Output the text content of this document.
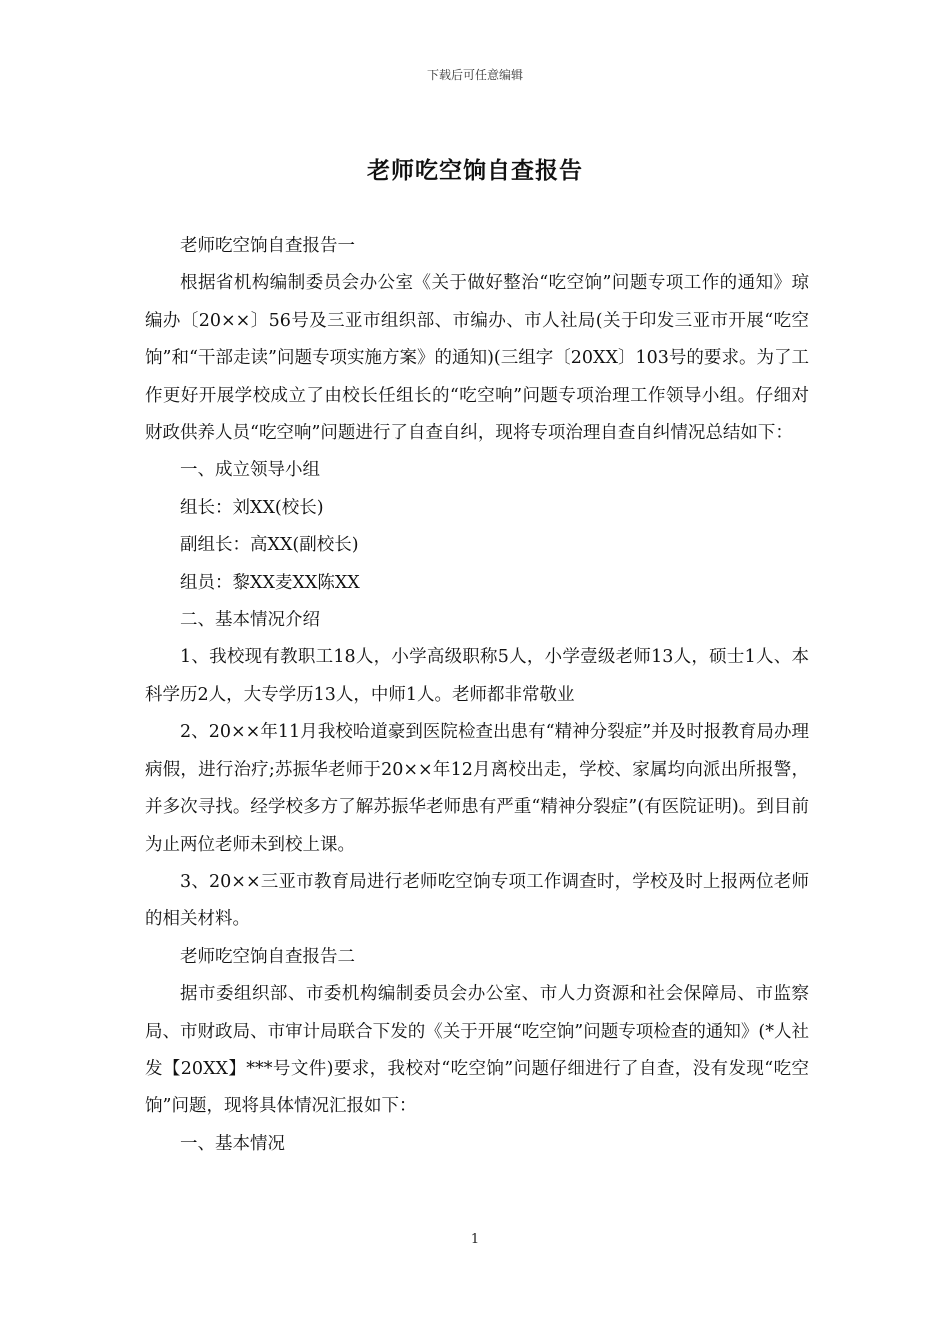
下载后可任意编辑
老师吃空饷自查报告

老师吃空饷自查报告一

根据省机构编制委员会办公室《关于做好整治“吃空饷”问题专项工作的通知》琼编办〔20××〕56号及三亚市组织部、市编办、市人社局(关于印发三亚市开展“吃空饷”和“干部走读”问题专项实施方案》的通知)(三组字〔20XX〕103号的要求。为了工作更好开展学校成立了由校长任组长的“吃空响”问题专项治理工作领导小组。仔细对财政供养人员“吃空响”问题进行了自查自纠，现将专项治理自查自纠情况总结如下：

一、成立领导小组

组长：刘XX(校长)

副组长：高XX(副校长)

组员：黎XX麦XX陈XX

二、基本情况介绍

1、我校现有教职工18人，小学高级职称5人，小学壹级老师13人，硕士1人、本科学历2人，大专学历13人，中师1人。老师都非常敬业

2、20××年11月我校哈道豪到医院检查出患有“精神分裂症”并及时报教育局办理病假，进行治疗;苏振华老师于20××年12月离校出走，学校、家属均向派出所报警，并多次寻找。经学校多方了解苏振华老师患有严重“精神分裂症”(有医院证明)。到目前为止两位老师未到校上课。

3、20××三亚市教育局进行老师吃空饷专项工作调查时，学校及时上报两位老师的相关材料。

老师吃空饷自查报告二

据市委组织部、市委机构编制委员会办公室、市人力资源和社会保障局、市监察局、市财政局、市审计局联合下发的《关于开展“吃空饷”问题专项检查的通知》(*人社发【20XX】***号文件)要求，我校对“吃空饷”问题仔细进行了自查，没有发现“吃空饷”问题，现将具体情况汇报如下：

一、基本情况

1
